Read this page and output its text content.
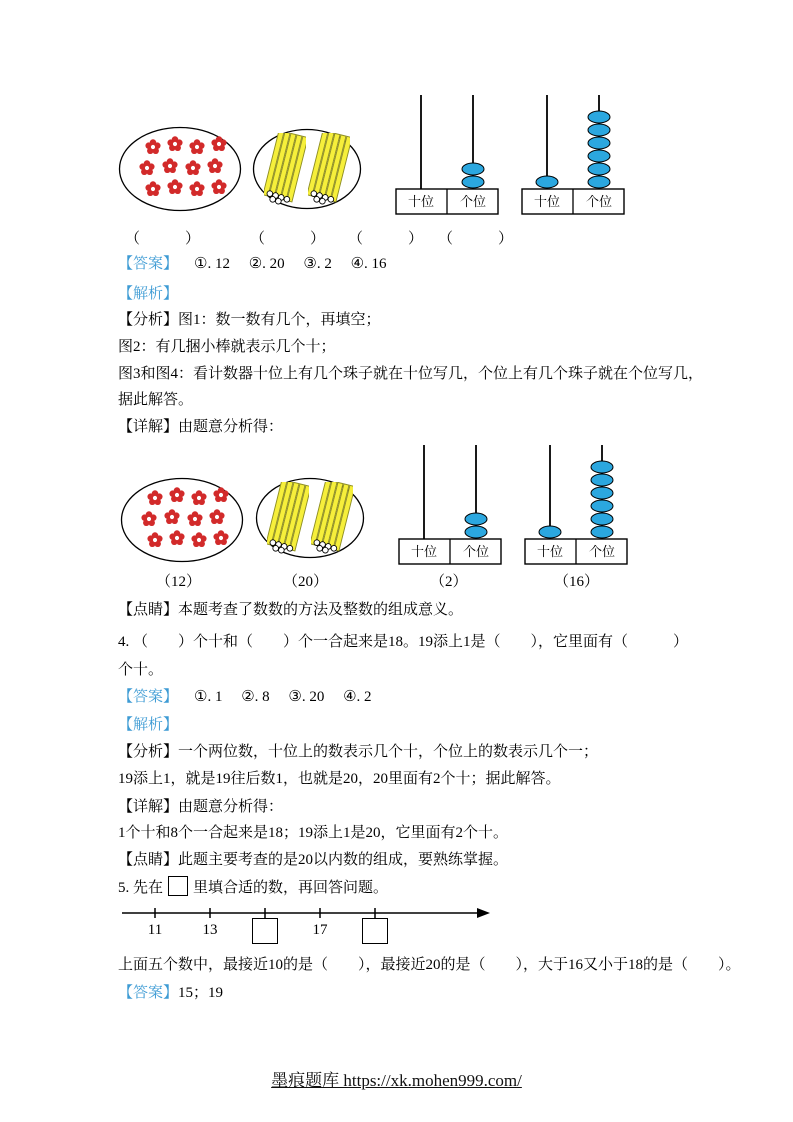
十位 个位	十位 个位
（　　　）	（　　　） （　　　） （　　　）
【答案】 ①. 12　 ②. 20　 ③. 2　 ④. 16
【解析】
【分析】图1：数一数有几个，再填空；
图2：有几捆小棒就表示几个十；
图3和图4：看计数器十位上有几个珠子就在十位写几，个位上有几个珠子就在个位写几，
据此解答。
【详解】由题意分析得：
十位 个位	十位 个位
（12）	（20）	（2）	（16）
【点睛】本题考查了数数的方法及整数的组成意义。
4. （　　）个十和（　　）个一合起来是18。19添上1是（　　），它里面有（　　　）
个十。
【答案】 ①. 1　 ②. 8　 ③. 20　 ④. 2
【解析】
【分析】一个两位数，十位上的数表示几个十，个位上的数表示几个一；
19添上1，就是19往后数1，也就是20，20里面有2个十；据此解答。
【详解】由题意分析得：
1个十和8个一合起来是18；19添上1是20，它里面有2个十。
【点睛】此题主要考查的是20以内数的组成，要熟练掌握。
5. 先在 里填合适的数，再回答问题。
11	13	17
上面五个数中，最接近10的是（　　），最接近20的是（　　），大于16又小于18的是（　　）。
【答案】15；19
墨痕题库 https://xk.mohen999.com/
